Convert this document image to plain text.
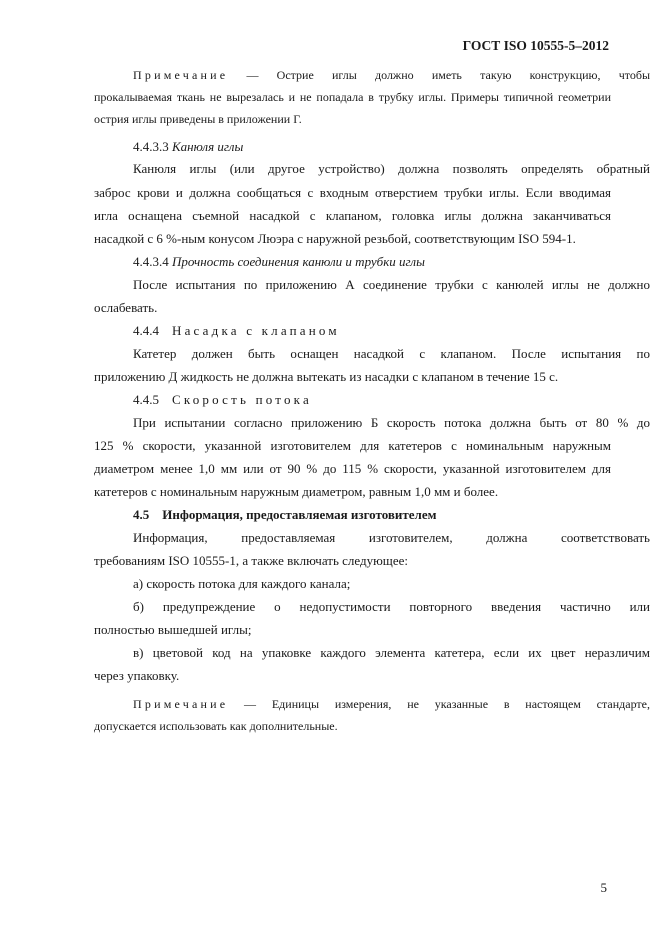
ГОСТ ISO 10555-5–2012
Примечание — Острие иглы должно иметь такую конструкцию, чтобы
прокалываемая ткань не вырезалась и не попадала в трубку иглы. Примеры типичной геометрии
острия иглы приведены в приложении Г.
4.4.3.3 Канюля иглы
Канюля иглы (или другое устройство) должна позволять определять обратный
заброс крови и должна сообщаться с входным отверстием трубки иглы. Если вводимая
игла оснащена съемной насадкой с клапаном, головка иглы должна заканчиваться
насадкой с 6 %-ным конусом Люэра с наружной резьбой, соответствующим ISO 594-1.
4.4.3.4 Прочность соединения канюли и трубки иглы
После испытания по приложению А соединение трубки с канюлей иглы не должно
ослабевать.
4.4.4 Насадка с клапаном
Катетер должен быть оснащен насадкой с клапаном. После испытания по
приложению Д жидкость не должна вытекать из насадки с клапаном в течение 15 с.
4.4.5 Скорость потока
При испытании согласно приложению Б скорость потока должна быть от 80 % до
125 % скорости, указанной изготовителем для катетеров с номинальным наружным
диаметром менее 1,0 мм или от 90 % до 115 % скорости, указанной изготовителем для
катетеров с номинальным наружным диаметром, равным 1,0 мм и более.
4.5 Информация, предоставляемая изготовителем
Информация, предоставляемая изготовителем, должна соответствовать
требованиям ISO 10555-1, а также включать следующее:
а) скорость потока для каждого канала;
б) предупреждение о недопустимости повторного введения частично или
полностью вышедшей иглы;
в) цветовой код на упаковке каждого элемента катетера, если их цвет неразличим
через упаковку.
Примечание — Единицы измерения, не указанные в настоящем стандарте,
допускается использовать как дополнительные.
5
